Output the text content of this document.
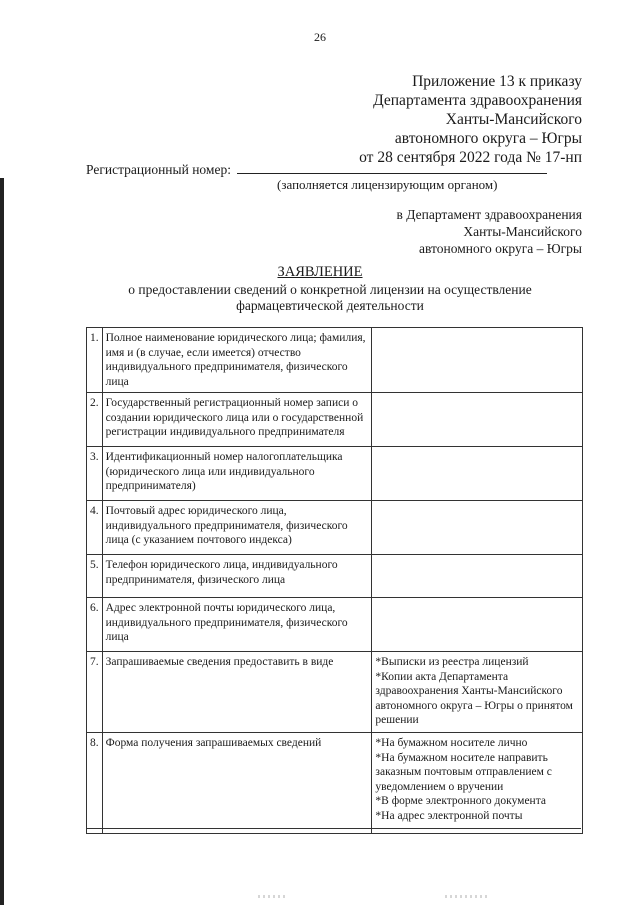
26
Приложение 13 к приказу
Департамента здравоохранения
Ханты-Мансийского
автономного округа – Югры
от 28 сентября 2022 года № 17-нп
Регистрационный номер:
(заполняется лицензирующим органом)
в Департамент здравоохранения
Ханты-Мансийского
автономного округа – Югры
ЗАЯВЛЕНИЕ
о предоставлении сведений о конкретной лицензии на осуществление фармацевтической деятельности
1.	Полное наименование юридического лица; фамилия, имя и (в случае, если имеется) отчество индивидуального предпринимателя, физического лица	
2.	Государственный регистрационный номер записи о создании юридического лица или о государственной регистрации индивидуального предпринимателя	
3.	Идентификационный номер налогоплательщика (юридического лица или индивидуального предпринимателя)	
4.	Почтовый адрес юридического лица, индивидуального предпринимателя, физического лица (с указанием почтового индекса)	
5.	Телефон юридического лица, индивидуального предпринимателя, физического лица	
6.	Адрес электронной почты юридического лица, индивидуального предпринимателя, физического лица	
7.	Запрашиваемые сведения предоставить в виде	*Выписки из реестра лицензий
*Копии акта Департамента здравоохранения Ханты-Мансийского автономного округа – Югры о принятом решении

8.	Форма получения запрашиваемых сведений	*На бумажном носителе лично
*На бумажном носителе направить заказным почтовым отправлением с уведомлением о вручении
*В форме электронного документа
*На адрес электронной почты
